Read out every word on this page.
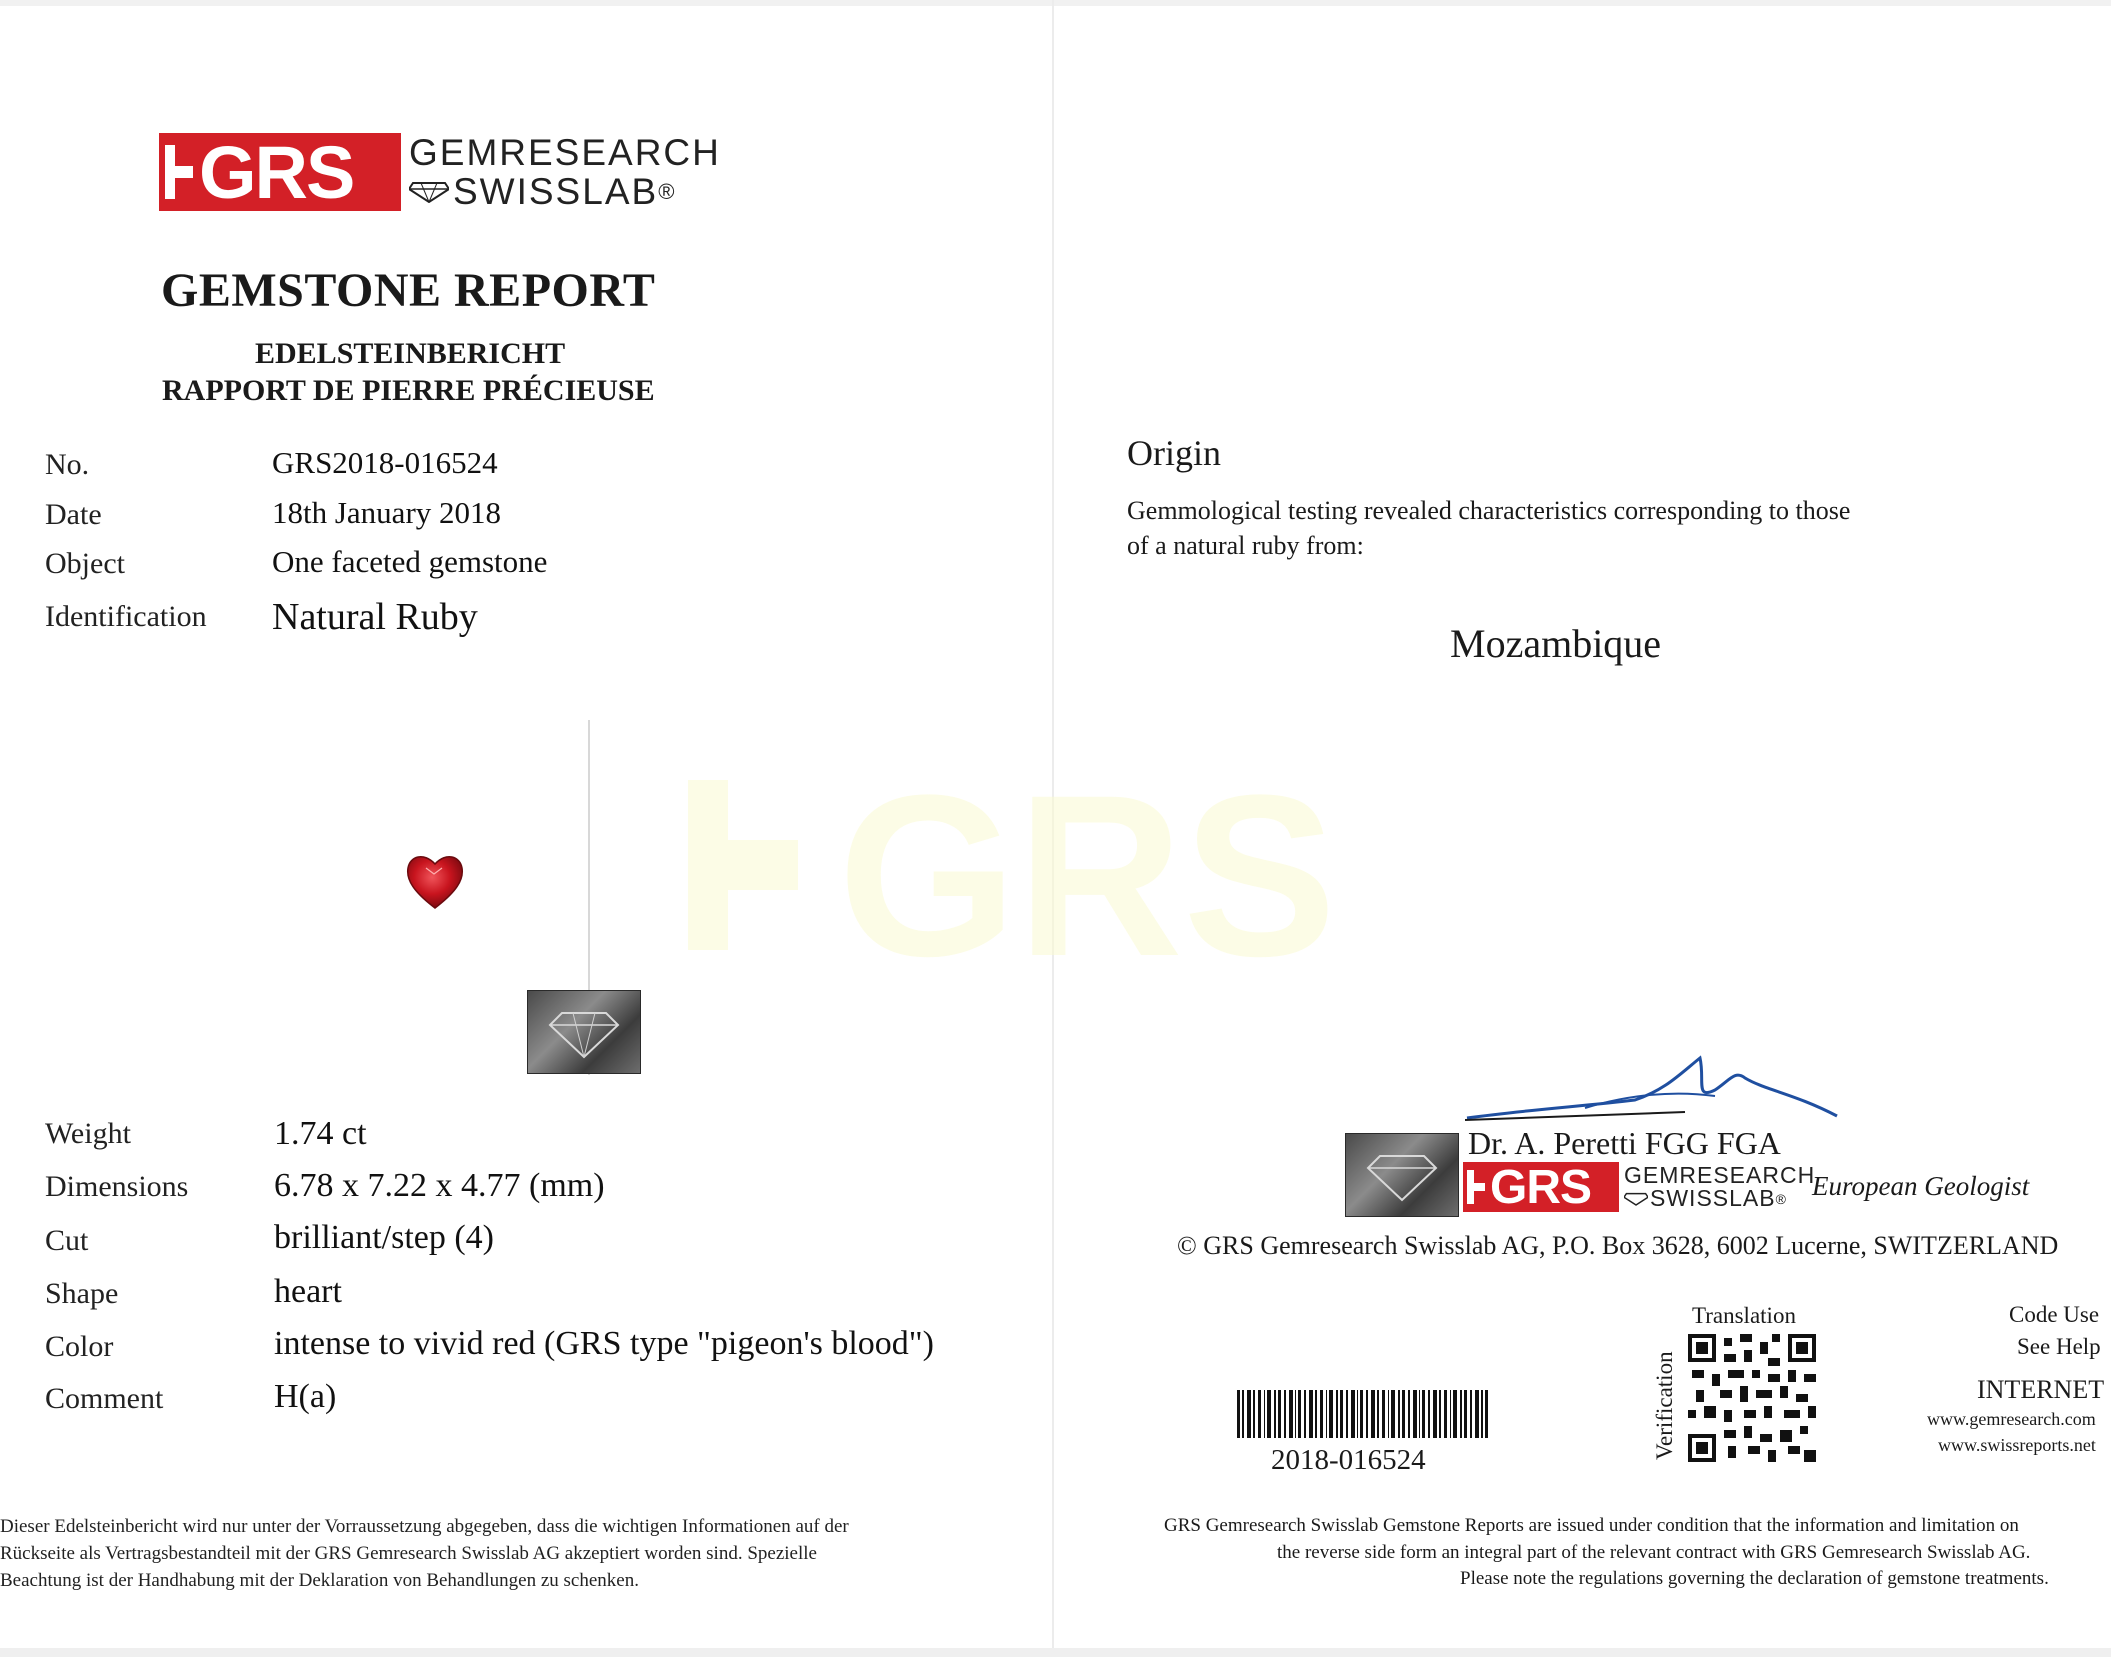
GRS
GRS GEMRESEARCH
SWISSLAB ®
GEMSTONE REPORT
EDELSTEINBERICHT
RAPPORT DE PIERRE PRÉCIEUSE
No.	GRS2018-016524
Date	18th January 2018
Object	One faceted gemstone
Identification Natural Ruby
Weight	1.74 ct
Dimensions	6.78 x 7.22 x 4.77 (mm)
Cut	brilliant/step (4)
Shape	heart
Color	intense to vivid red (GRS type "pigeon's blood")
Comment	H(a)
Dieser Edelsteinbericht wird nur unter der Vorraussetzung abgegeben, dass die wichtigen Informationen auf der
Rückseite als Vertragsbestandteil mit der GRS Gemresearch Swisslab AG akzeptiert worden sind. Spezielle
Beachtung ist der Handhabung mit der Deklaration von Behandlungen zu schenken.
Origin
Gemmological testing revealed characteristics corresponding to those
of a natural ruby from:
Mozambique
Dr. A. Peretti FGG FGA
GRS GEMRESEARCH
SWISSLAB ® European Geologist
© GRS Gemresearch Swisslab AG, P.O. Box 3628, 6002 Lucerne, SWITZERLAND
2018-016524
Translation
Verification
Code Use
See Help
INTERNET
www.gemresearch.com
www.swissreports.net
GRS Gemresearch Swisslab Gemstone Reports are issued under condition that the information and limitation on
the reverse side form an integral part of the relevant contract with GRS Gemresearch Swisslab AG.
Please note the regulations governing the declaration of gemstone treatments.
